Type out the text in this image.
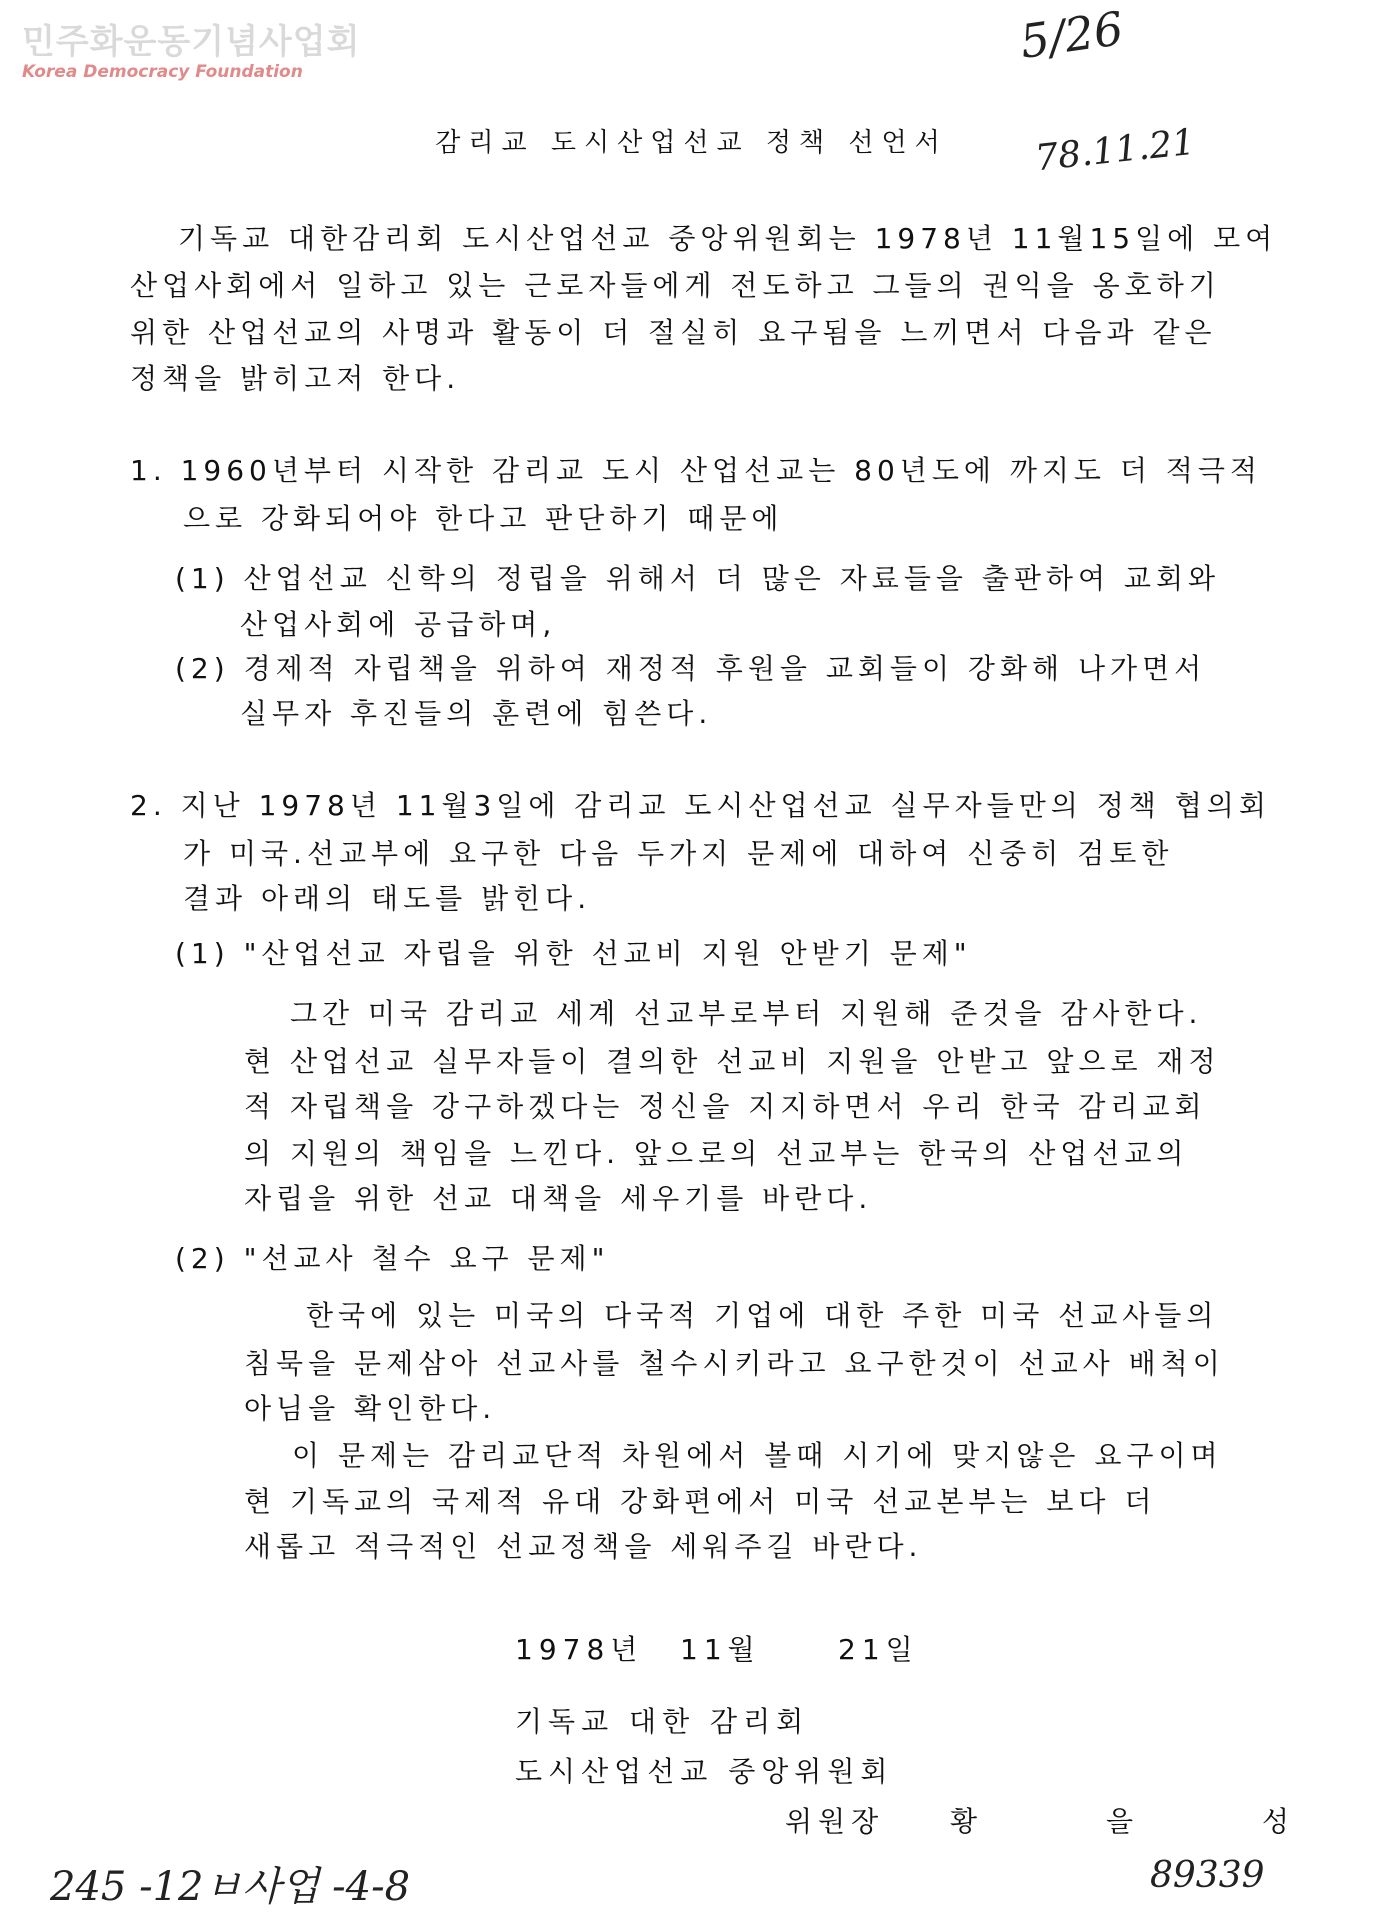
민주화운동기념사업회
Korea Democracy Foundation
5/26
78.11.21
감리교 도시산업선교 정책 선언서
기독교 대한감리회 도시산업선교 중앙위원회는 1978년 11월15일에 모여
산업사회에서 일하고 있는 근로자들에게 전도하고 그들의 권익을 옹호하기
위한 산업선교의 사명과 활동이 더 절실히 요구됨을 느끼면서 다음과 같은
정책을 밝히고저 한다.
1. 1960년부터 시작한 감리교 도시 산업선교는 80년도에 까지도 더 적극적
으로 강화되어야 한다고 판단하기 때문에
(1) 산업선교 신학의 정립을 위해서 더 많은 자료들을 출판하여 교회와
산업사회에 공급하며,
(2) 경제적 자립책을 위하여 재정적 후원을 교회들이 강화해 나가면서
실무자 후진들의 훈련에 힘쓴다.
2. 지난 1978년 11월3일에 감리교 도시산업선교 실무자들만의 정책 협의회
가 미국.선교부에 요구한 다음 두가지 문제에 대하여 신중히 검토한
결과 아래의 태도를 밝힌다.
(1) "산업선교 자립을 위한 선교비 지원 안받기 문제"
그간 미국 감리교 세계 선교부로부터 지원해 준것을 감사한다.
현 산업선교 실무자들이 결의한 선교비 지원을 안받고 앞으로 재정
적 자립책을 강구하겠다는 정신을 지지하면서 우리 한국 감리교회
의 지원의 책임을 느낀다. 앞으로의 선교부는 한국의 산업선교의
자립을 위한 선교 대책을 세우기를 바란다.
(2) "선교사 철수 요구 문제"
한국에 있는 미국의 다국적 기업에 대한 주한 미국 선교사들의
침묵을 문제삼아 선교사를 철수시키라고 요구한것이 선교사 배척이
아님을 확인한다.
이 문제는 감리교단적 차원에서 볼때 시기에 맞지않은 요구이며
현 기독교의 국제적 유대 강화편에서 미국 선교본부는 보다 더
새롭고 적극적인 선교정책을 세워주길 바란다.
1978년 11월	21일
기독교 대한 감리회
도시산업선교 중앙위원회
위원장 황 을 성
245 -12ㅂ사업 -4-8	89339
